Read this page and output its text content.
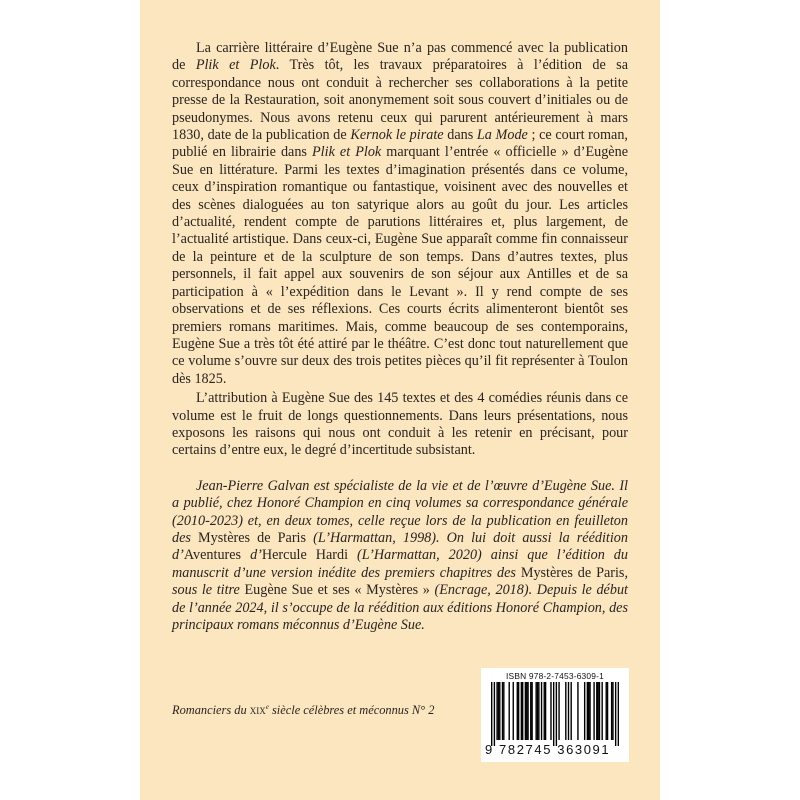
La carrière littéraire d’Eugène Sue n’a pas commencé avec la publication de Plik et Plok. Très tôt, les travaux préparatoires à l’édition de sa correspondance nous ont conduit à rechercher ses collaborations à la petite presse de la Restauration, soit anonymement soit sous couvert d’initiales ou de pseudonymes. Nous avons retenu ceux qui parurent antérieurement à mars 1830, date de la publication de Kernok le pirate dans La Mode ; ce court roman, publié en librairie dans Plik et Plok marquant l’entrée « officielle » d’Eugène Sue en littérature. Parmi les textes d’imagination présentés dans ce volume, ceux d’inspiration romantique ou fantastique, voisinent avec des nouvelles et des scènes dialoguées au ton satyrique alors au goût du jour. Les articles d’actualité, rendent compte de parutions littéraires et, plus largement, de l’actualité artistique. Dans ceux-ci, Eugène Sue apparaît comme fin connaisseur de la peinture et de la sculpture de son temps. Dans d’autres textes, plus personnels, il fait appel aux souvenirs de son séjour aux Antilles et de sa participation à « l’expédition dans le Levant ». Il y rend compte de ses observations et de ses réflexions. Ces courts écrits alimenteront bientôt ses premiers romans maritimes. Mais, comme beaucoup de ses contemporains, Eugène Sue a très tôt été attiré par le théâtre. C’est donc tout naturellement que ce volume s’ouvre sur deux des trois petites pièces qu’il fit représenter à Toulon dès 1825.

L’attribution à Eugène Sue des 145 textes et des 4 comédies réunis dans ce volume est le fruit de longs questionnements. Dans leurs présentations, nous exposons les raisons qui nous ont conduit à les retenir en précisant, pour certains d’entre eux, le degré d’incertitude subsistant.

Jean-Pierre Galvan est spécialiste de la vie et de l’œuvre d’Eugène Sue. Il a publié, chez Honoré Champion en cinq volumes sa correspondance générale (2010-2023) et, en deux tomes, celle reçue lors de la publication en feuilleton des Mystères de Paris (L’Harmattan, 1998). On lui doit aussi la réédition d’Aventures d’Hercule Hardi (L’Harmattan, 2020) ainsi que l’édition du manuscrit d’une version inédite des premiers chapitres des Mystères de Paris, sous le titre Eugène Sue et ses « Mystères » (Encrage, 2018). Depuis le début de l’année 2024, il s’occupe de la réédition aux éditions Honoré Champion, des principaux romans méconnus d’Eugène Sue.

Romanciers du XIXe siècle célèbres et méconnus N° 2
ISBN 978-2-7453-6309-1
9 782745 363091
